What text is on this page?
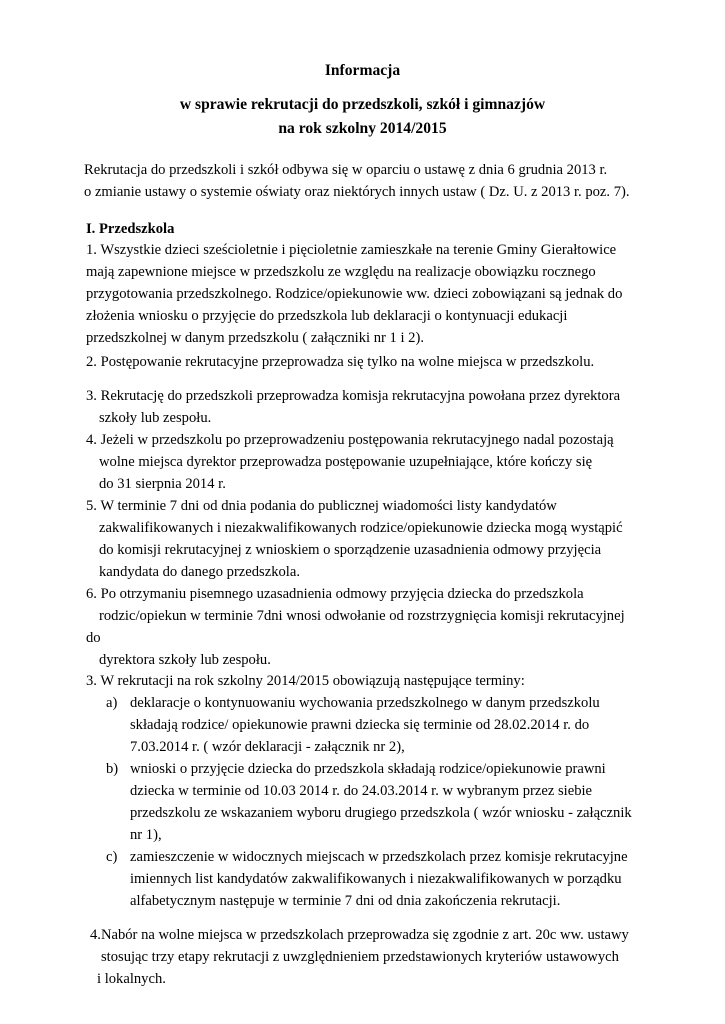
Informacja
w sprawie rekrutacji do przedszkoli, szkół i gimnazjów
na rok szkolny 2014/2015
Rekrutacja do przedszkoli i szkół odbywa się w oparciu o ustawę z dnia 6 grudnia 2013 r.
o zmianie ustawy o systemie oświaty oraz niektórych innych ustaw ( Dz. U. z 2013 r. poz. 7).
I. Przedszkola
1. Wszystkie dzieci sześcioletnie i pięcioletnie zamieszkałe na terenie Gminy Gierałtowice
mają zapewnione miejsce w przedszkolu ze względu na realizacje obowiązku rocznego
przygotowania przedszkolnego. Rodzice/opiekunowie ww. dzieci zobowiązani są jednak do
złożenia wniosku o przyjęcie do przedszkola lub deklaracji o kontynuacji edukacji
przedszkolnej w danym przedszkolu ( załączniki nr 1 i 2).
2. Postępowanie rekrutacyjne przeprowadza się tylko na wolne miejsca w przedszkolu.
3. Rekrutację do przedszkoli przeprowadza komisja rekrutacyjna powołana przez dyrektora
szkoły lub zespołu.
4. Jeżeli w przedszkolu po przeprowadzeniu postępowania rekrutacyjnego nadal pozostają
wolne miejsca dyrektor przeprowadza postępowanie uzupełniające, które kończy się
do 31 sierpnia 2014 r.
5. W terminie 7 dni od dnia podania do publicznej wiadomości listy kandydatów
zakwalifikowanych i niezakwalifikowanych rodzice/opiekunowie dziecka mogą wystąpić
do komisji rekrutacyjnej z wnioskiem o sporządzenie uzasadnienia odmowy przyjęcia
kandydata do danego przedszkola.
6. Po otrzymaniu pisemnego uzasadnienia odmowy przyjęcia dziecka do przedszkola
rodzic/opiekun w terminie 7dni wnosi odwołanie od rozstrzygnięcia komisji rekrutacyjnej
do
dyrektora szkoły lub zespołu.
3. W rekrutacji na rok szkolny 2014/2015 obowiązują następujące terminy:
a) deklaracje o kontynuowaniu wychowania przedszkolnego w danym przedszkolu
składają rodzice/ opiekunowie prawni dziecka się terminie od 28.02.2014 r. do
7.03.2014 r. ( wzór deklaracji - załącznik nr 2),
b) wnioski o przyjęcie dziecka do przedszkola składają rodzice/opiekunowie prawni
dziecka w terminie od 10.03 2014 r. do 24.03.2014 r. w wybranym przez siebie
przedszkolu ze wskazaniem wyboru drugiego przedszkola ( wzór wniosku - załącznik
nr 1),
c) zamieszczenie w widocznych miejscach w przedszkolach przez komisje rekrutacyjne
imiennych list kandydatów zakwalifikowanych i niezakwalifikowanych w porządku
alfabetycznym następuje w terminie 7 dni od dnia zakończenia rekrutacji.
4.Nabór na wolne miejsca w przedszkolach przeprowadza się zgodnie z art. 20c ww. ustawy
stosując trzy etapy rekrutacji z uwzględnieniem przedstawionych kryteriów ustawowych
i lokalnych.
